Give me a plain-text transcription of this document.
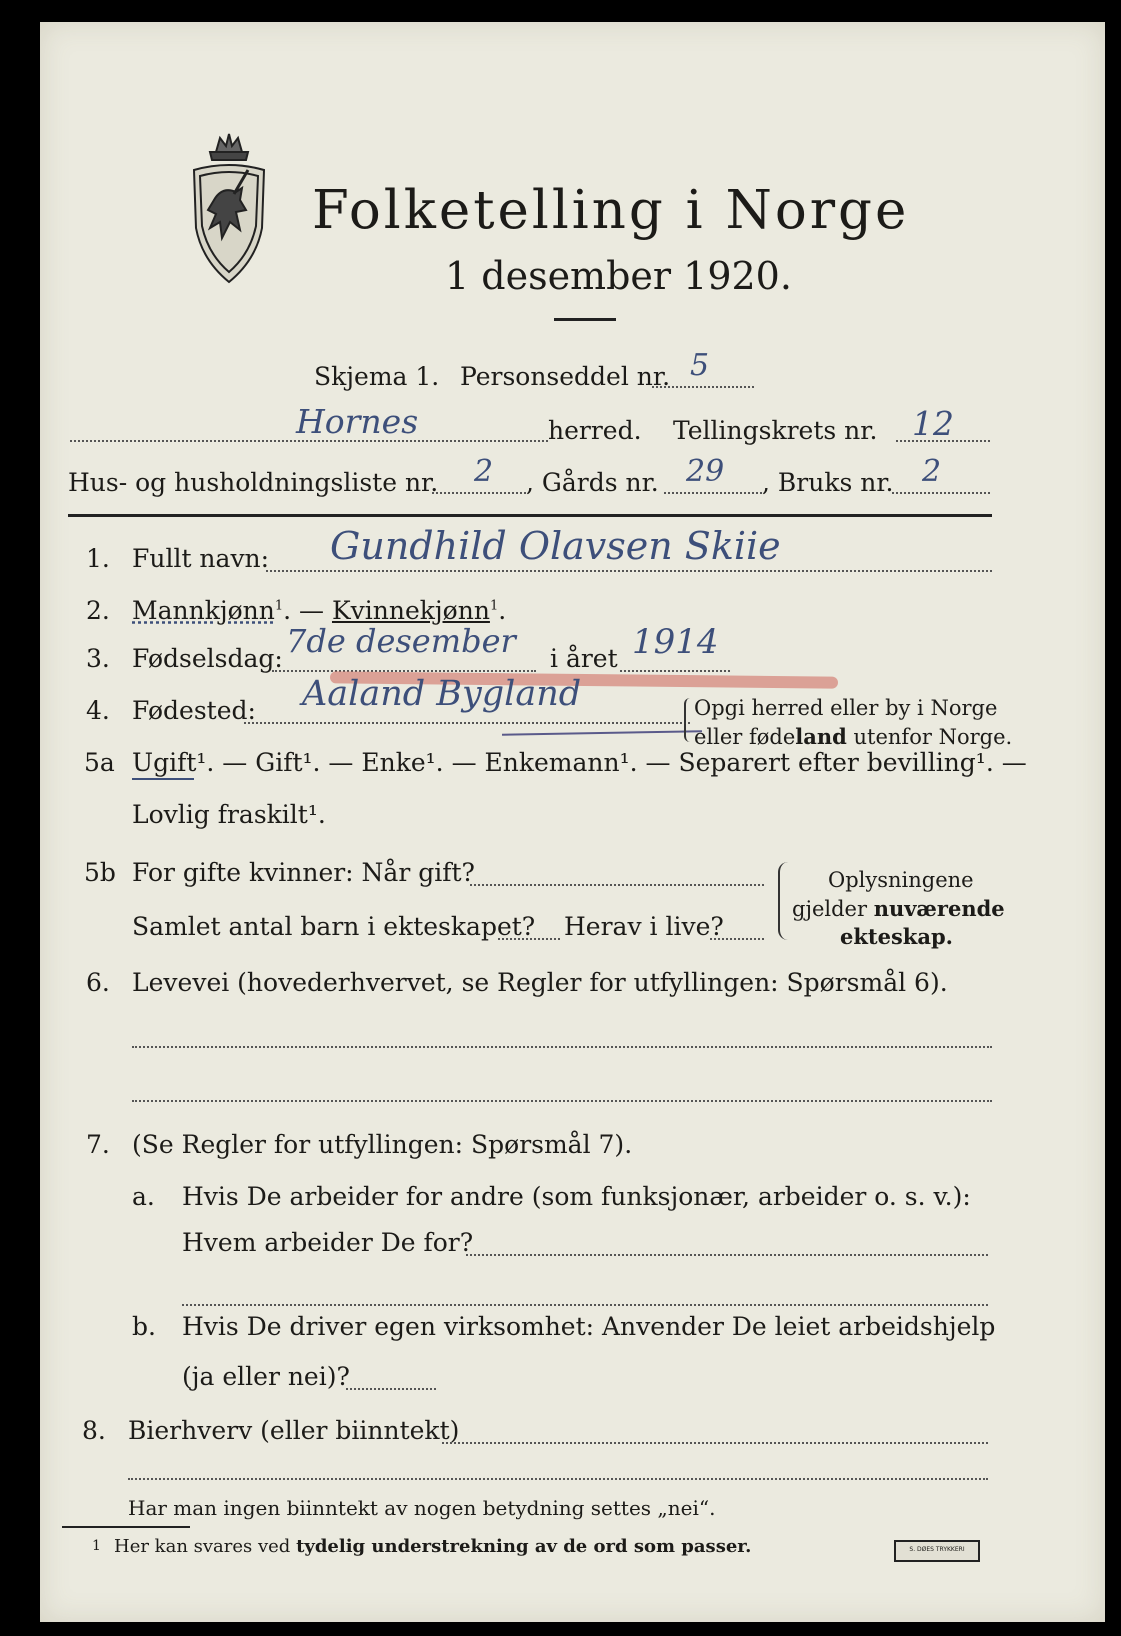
Folketelling i Norge
1 desember 1920.
Skjema 1. Personseddel nr. 5
Hornes	herred. Tellingskrets nr. 12
Hus- og husholdningsliste nr. 2 , Gårds nr. 29 , Bruks nr. 2
1. Fullt navn: Gundhild Olavsen Skiie
2. Mannkjønn$^1$. — Kvinnekjønn$^1$.
3. Fødselsdag: 7de desember i året 1914
4. Fødested: Aaland Bygland	Opgi herred eller by i Norge
eller fødeland utenfor Norge.
5a Ugift¹. — Gift¹. — Enke¹. — Enkemann¹. — Separert efter bevilling¹. —
Lovlig fraskilt¹.
5b For gifte kvinner: Når gift?
Samlet antal barn i ekteskapet? Herav i live?
Oplysningene
gjelder nuværende
ekteskap.
6. Levevei (hovederhvervet, se Regler for utfyllingen: Spørsmål 6).
7. (Se Regler for utfyllingen: Spørsmål 7).
a. Hvis De arbeider for andre (som funksjonær, arbeider o. s. v.):
Hvem arbeider De for?
b. Hvis De driver egen virksomhet: Anvender De leiet arbeidshjelp
(ja eller nei)?
8. Bierhverv (eller biinntekt)
Har man ingen biinntekt av nogen betydning settes „nei“.
1 Her kan svares ved tydelig understrekning av de ord som passer.	S. DØES TRYKKERI
